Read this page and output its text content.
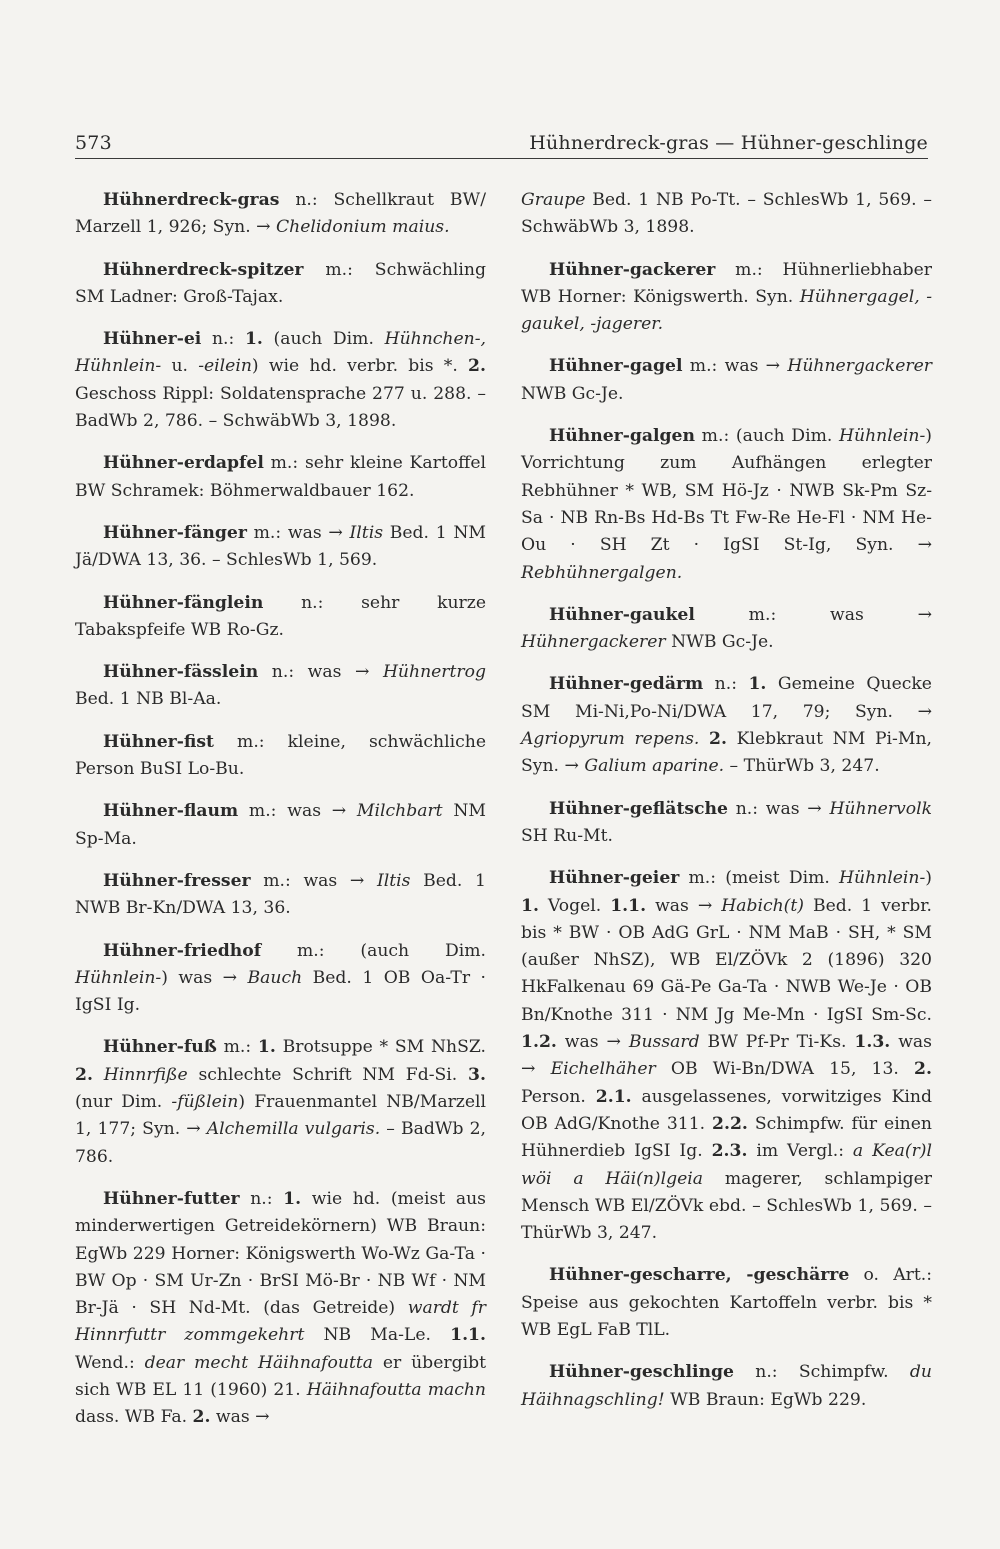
573	Hühnerdreck-gras — Hühner-geschlinge

Hühnerdreck-gras n.: Schellkraut BW/ Marzell 1, 926; Syn. → Chelidonium maius.

Hühnerdreck-spitzer m.: Schwächling SM Ladner: Groß-Tajax.

Hühner-ei n.: 1. (auch Dim. Hühnchen-, Hühnlein- u. -eilein) wie hd. verbr. bis *. 2. Geschoss Rippl: Soldatensprache 277 u. 288. – BadWb 2, 786. – SchwäbWb 3, 1898.

Hühner-erdapfel m.: sehr kleine Kartoffel BW Schramek: Böhmerwaldbauer 162.

Hühner-fänger m.: was → Iltis Bed. 1 NM Jä/DWA 13, 36. – SchlesWb 1, 569.

Hühner-fänglein n.: sehr kurze Tabakspfeife WB Ro-Gz.

Hühner-fässlein n.: was → Hühnertrog Bed. 1 NB Bl-Aa.

Hühner-fist m.: kleine, schwächliche Person BuSI Lo-Bu.

Hühner-flaum m.: was → Milchbart NM Sp-Ma.

Hühner-fresser m.: was → Iltis Bed. 1 NWB Br-Kn/DWA 13, 36.

Hühner-friedhof m.: (auch Dim. Hühnlein-) was → Bauch Bed. 1 OB Oa-Tr · IgSI Ig.

Hühner-fuß m.: 1. Brotsuppe * SM NhSZ. 2. Hinnrfiße schlechte Schrift NM Fd-Si. 3. (nur Dim. -füßlein) Frauenmantel NB/Marzell 1, 177; Syn. → Alchemilla vulgaris. – BadWb 2, 786.

Hühner-futter n.: 1. wie hd. (meist aus minderwertigen Getreidekörnern) WB Braun: EgWb 229 Horner: Königswerth Wo-Wz Ga-Ta · BW Op · SM Ur-Zn · BrSI Mö-Br · NB Wf · NM Br-Jä · SH Nd-Mt. (das Getreide) wardt fr Hinnrfuttr zommgekehrt NB Ma-Le. 1.1. Wend.: dear mecht Häihnafoutta er übergibt sich WB EL 11 (1960) 21. Häihnafoutta machn dass. WB Fa. 2. was →

Graupe Bed. 1 NB Po-Tt. – SchlesWb 1, 569. – SchwäbWb 3, 1898.

Hühner-gackerer m.: Hühnerliebhaber WB Horner: Königswerth. Syn. Hühnergagel, -gaukel, -jagerer.

Hühner-gagel m.: was → Hühnergackerer NWB Gc-Je.

Hühner-galgen m.: (auch Dim. Hühnlein-) Vorrichtung zum Aufhängen erlegter Rebhühner * WB, SM Hö-Jz · NWB Sk-Pm Sz-Sa · NB Rn-Bs Hd-Bs Tt Fw-Re He-Fl · NM He-Ou · SH Zt · IgSI St-Ig, Syn. → Rebhühnergalgen.

Hühner-gaukel m.: was → Hühnergackerer NWB Gc-Je.

Hühner-gedärm n.: 1. Gemeine Quecke SM Mi-Ni,Po-Ni/DWA 17, 79; Syn. → Agriopyrum repens. 2. Klebkraut NM Pi-Mn, Syn. → Galium aparine. – ThürWb 3, 247.

Hühner-geflätsche n.: was → Hühnervolk SH Ru-Mt.

Hühner-geier m.: (meist Dim. Hühnlein-) 1. Vogel. 1.1. was → Habich(t) Bed. 1 verbr. bis * BW · OB AdG GrL · NM MaB · SH, * SM (außer NhSZ), WB El/ZÖVk 2 (1896) 320 HkFalkenau 69 Gä-Pe Ga-Ta · NWB We-Je · OB Bn/Knothe 311 · NM Jg Me-Mn · IgSI Sm-Sc. 1.2. was → Bussard BW Pf-Pr Ti-Ks. 1.3. was → Eichelhäher OB Wi-Bn/DWA 15, 13. 2. Person. 2.1. ausgelassenes, vorwitziges Kind OB AdG/Knothe 311. 2.2. Schimpfw. für einen Hühnerdieb IgSI Ig. 2.3. im Vergl.: a Kea(r)l wöi a Häi(n)lgeia magerer, schlampiger Mensch WB El/ZÖVk ebd. – SchlesWb 1, 569. – ThürWb 3, 247.

Hühner-gescharre, -geschärre o. Art.: Speise aus gekochten Kartoffeln verbr. bis * WB EgL FaB TlL.

Hühner-geschlinge n.: Schimpfw. du Häihnagschling! WB Braun: EgWb 229.
